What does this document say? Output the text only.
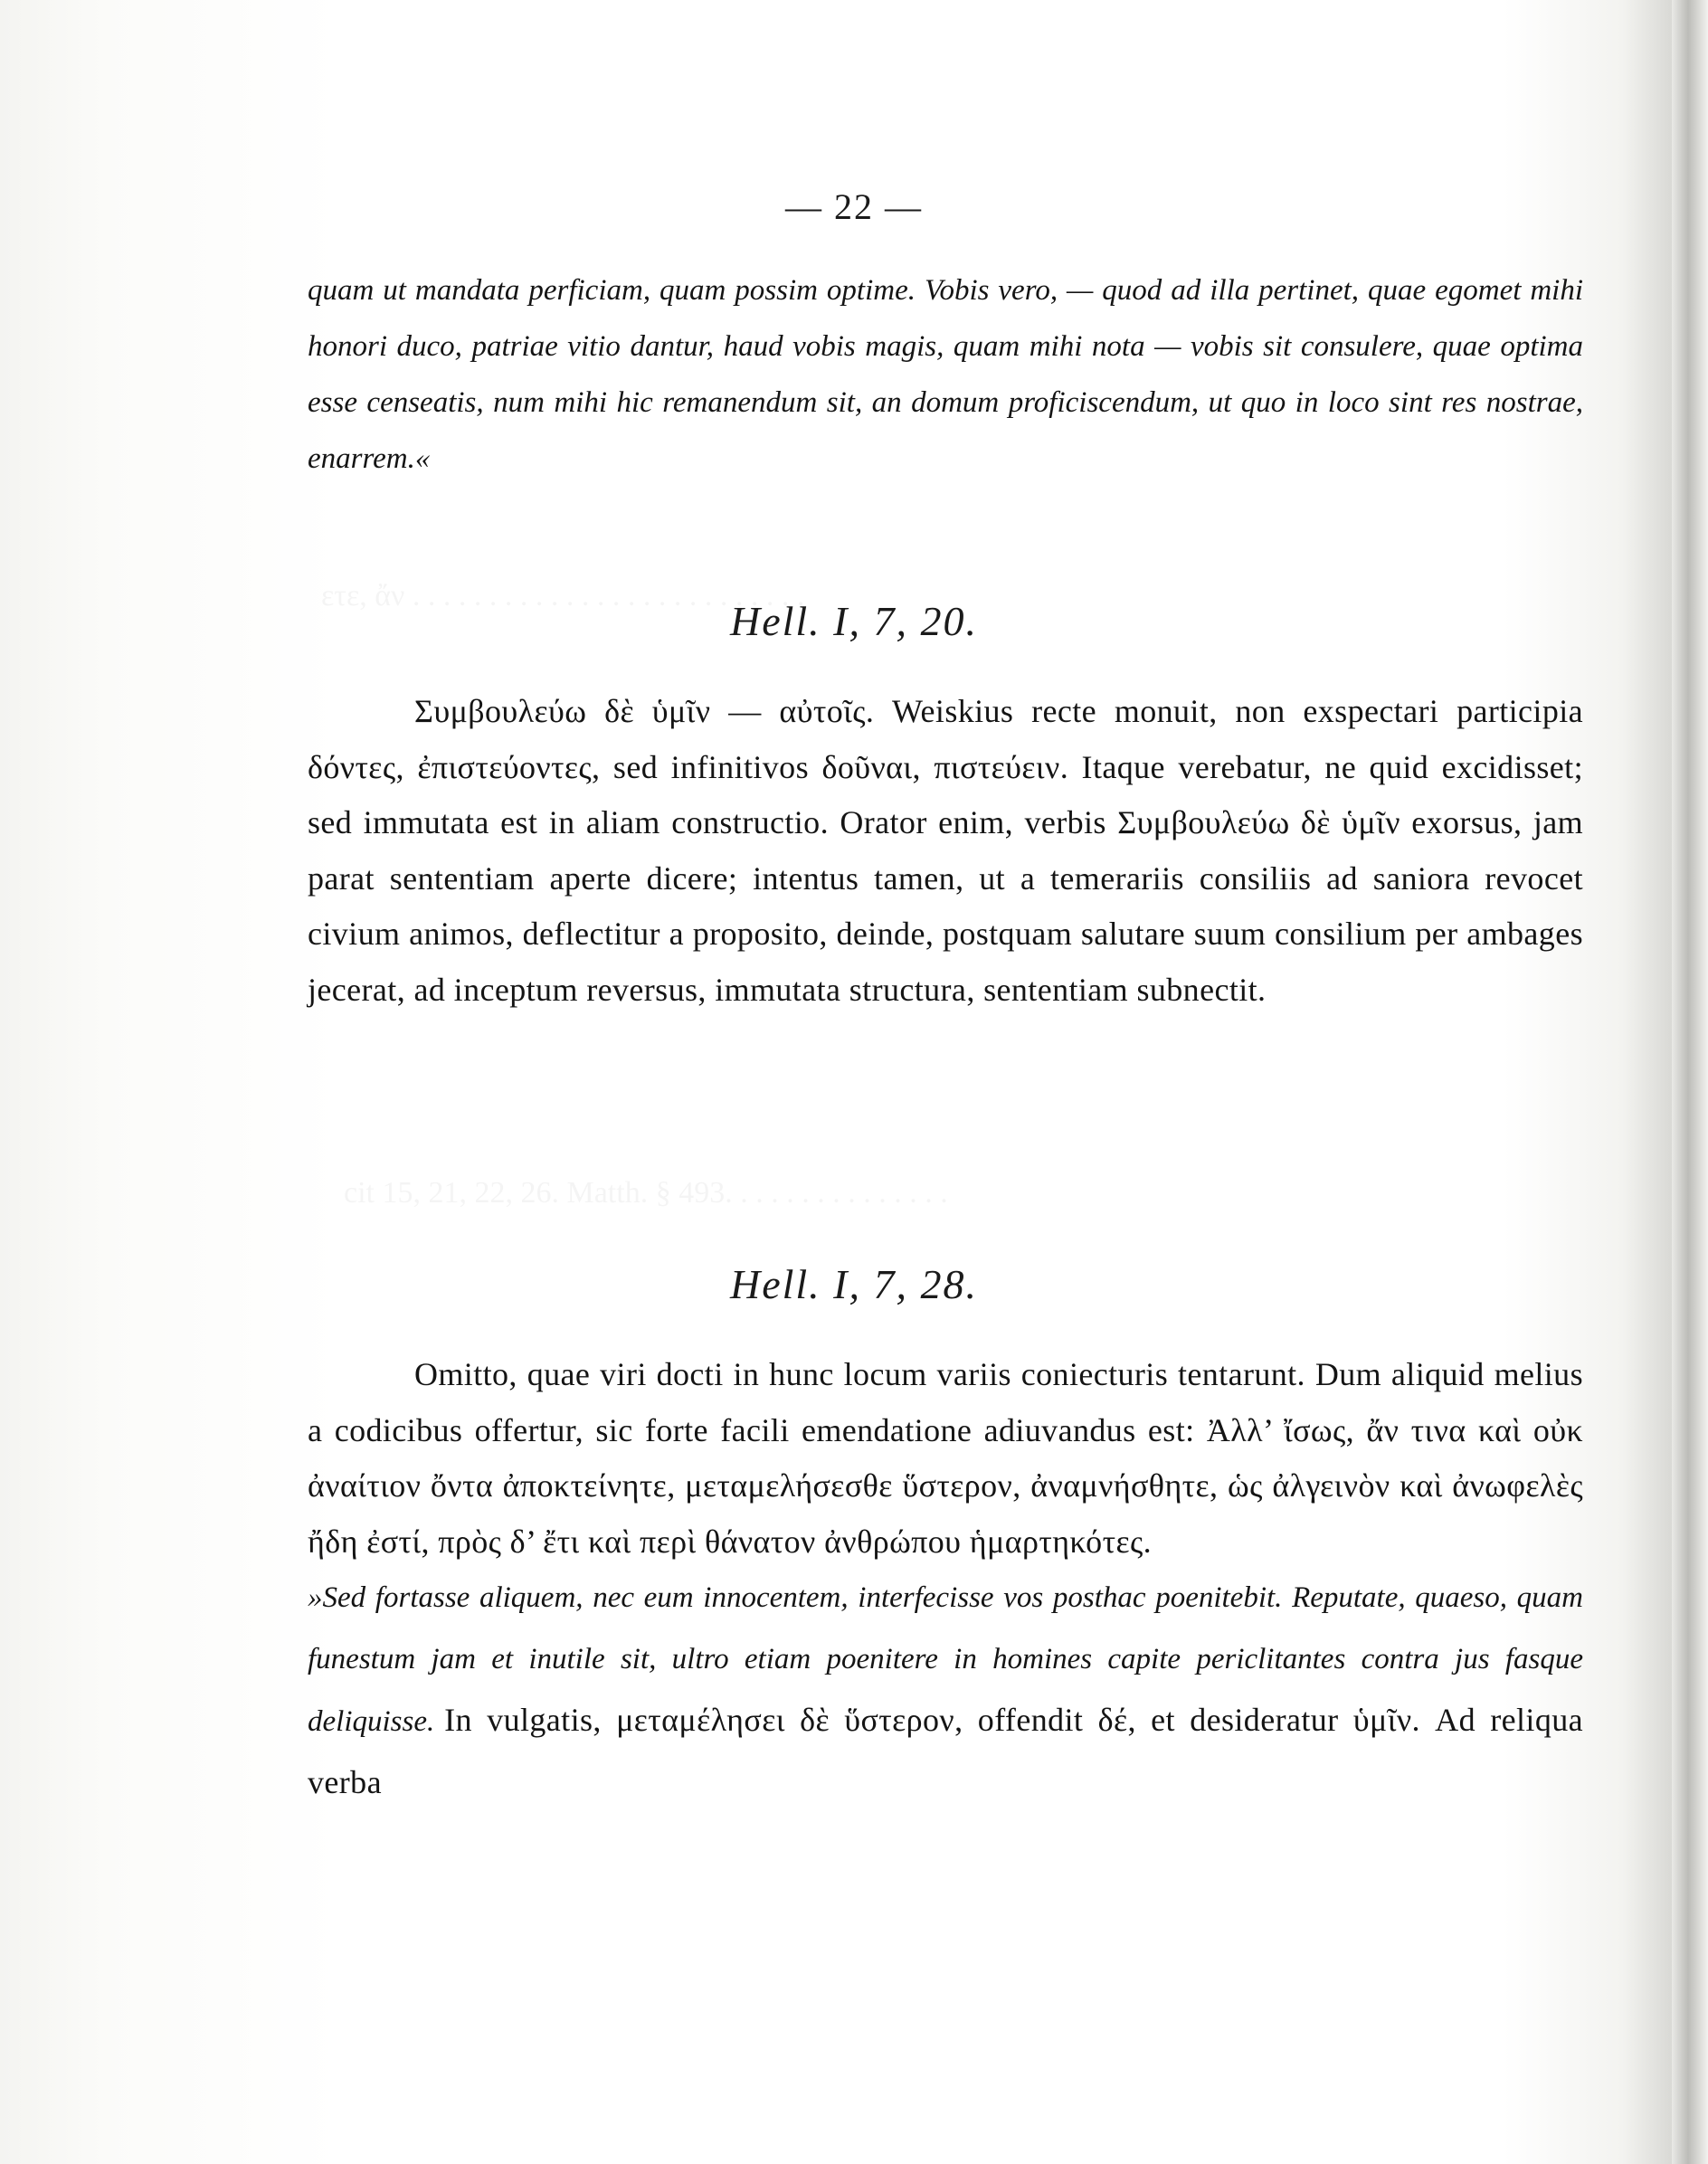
— 22 —
quam ut mandata perficiam, quam possim optime. Vobis vero, — quod ad illa pertinet, quae egomet mihi honori duco, patriae vitio dantur, haud vobis magis, quam mihi nota — vobis sit consulere, quae optima esse censeatis, num mihi hic remanendum sit, an domum proficiscendum, ut quo in loco sint res nostrae, enarrem.«
Hell. I, 7, 20.
Συμβουλεύω δὲ ὑμῖν — αὐτοῖς. Weiskius recte monuit, non exspectari participia δόντες, ἐπιστεύοντες, sed infinitivos δοῦναι, πιστεύειν. Itaque verebatur, ne quid excidisset; sed immutata est in aliam constructio. Orator enim, verbis Συμβουλεύω δὲ ὑμῖν exorsus, jam parat sententiam aperte dicere; intentus tamen, ut a temerariis consiliis ad saniora revocet civium animos, deflectitur a proposito, deinde, postquam salutare suum consilium per ambages jecerat, ad inceptum reversus, immutata structura, sententiam subnectit.
Hell. I, 7, 28.
Omitto, quae viri docti in hunc locum variis coniecturis tentarunt. Dum aliquid melius a codicibus offertur, sic forte facili emendatione adiuvandus est: Ἀλλ’ ἴσως, ἄν τινα καὶ οὐκ ἀναίτιον ὄντα ἀποκτείνητε, μεταμελήσεσθε ὕστερον, ἀναμνήσθητε, ὡς ἀλγεινὸν καὶ ἀνωφελὲς ἤδη ἐστί, πρὸς δ’ ἔτι καὶ περὶ θάνατον ἀνθρώπου ἡμαρτηκότες.
»Sed fortasse aliquem, nec eum innocentem, interfecisse vos posthac poenitebit. Reputate, quaeso, quam funestum jam et inutile sit, ultro etiam poenitere in homines capite periclitantes contra jus fasque deliquisse. In vulgatis, μεταμέλησει δὲ ὕστερον, offendit δέ, et desideratur ὑμῖν. Ad reliqua verba
